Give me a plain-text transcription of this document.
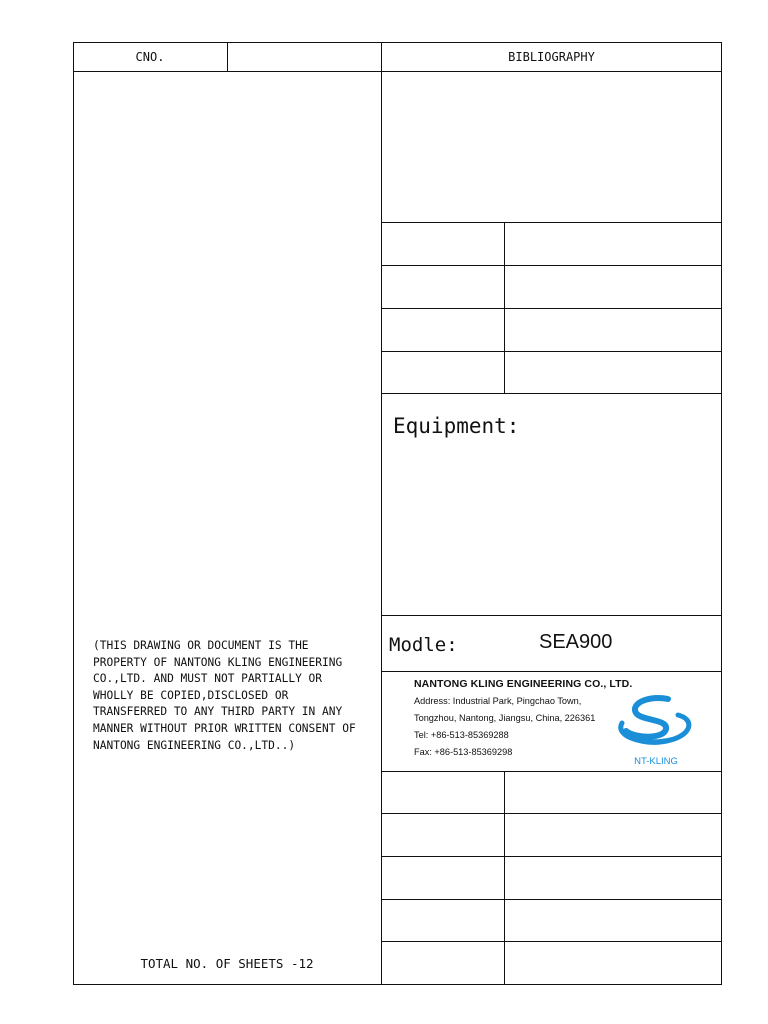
CNO.	BIBLIOGRAPHY
Equipment:
Modle:	SEA900
NANTONG KLING ENGINEERING CO., LTD.
Address: Industrial Park, Pingchao Town,
Tongzhou, Nantong, Jiangsu, China, 226361
Tel: +86-513-85369288
Fax: +86-513-85369298
NT-KLING
(THIS DRAWING OR DOCUMENT IS THE
PROPERTY OF NANTONG KLING ENGINEERING
CO.,LTD. AND MUST NOT PARTIALLY OR
WHOLLY BE COPIED,DISCLOSED OR
TRANSFERRED TO ANY THIRD PARTY IN ANY
MANNER WITHOUT PRIOR WRITTEN CONSENT OF
NANTONG ENGINEERING CO.,LTD..)
TOTAL NO. OF SHEETS -12
